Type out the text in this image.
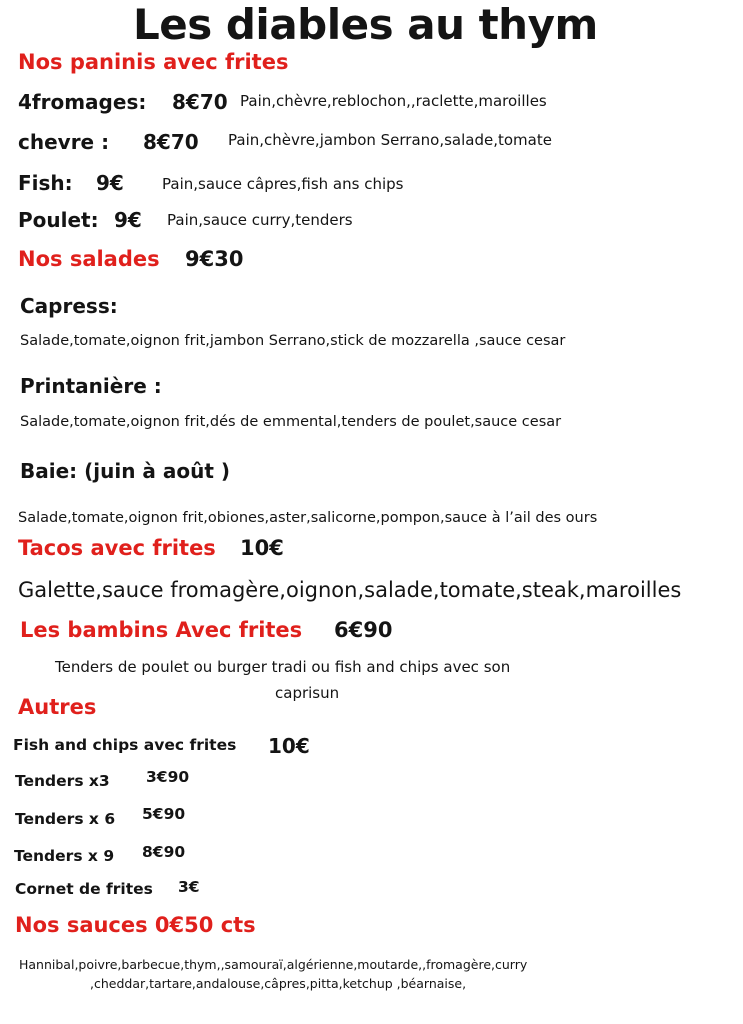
Les diables au thym
Nos paninis avec frites
4fromages: 8€70 Pain,chèvre,reblochon,,raclette,maroilles
chevre : 8€70 Pain,chèvre,jambon Serrano,salade,tomate
Fish: 9€	Pain,sauce câpres,fish ans chips
Poulet: 9€ Pain,sauce curry,tenders
Nos salades 9€30
Capress:
Salade,tomate,oignon frit,jambon Serrano,stick de mozzarella ,sauce cesar
Printanière :
Salade,tomate,oignon frit,dés de emmental,tenders de poulet,sauce cesar
Baie: (juin à août )
Salade,tomate,oignon frit,obiones,aster,salicorne,pompon,sauce à l’ail des ours
Tacos avec frites 10€
Galette,sauce fromagère,oignon,salade,tomate,steak,maroilles
Les bambins Avec frites 6€90
Tenders de poulet ou burger tradi ou fish and chips avec son
caprisun
Autres
Fish and chips avec frites 10€
Tenders x3 3€90
Tenders x 6 5€90
Tenders x 9 8€90
Cornet de frites 3€
Nos sauces 0€50 cts
Hannibal,poivre,barbecue,thym,,samouraï,algérienne,moutarde,,fromagère,curry
,cheddar,tartare,andalouse,câpres,pitta,ketchup ,béarnaise,
